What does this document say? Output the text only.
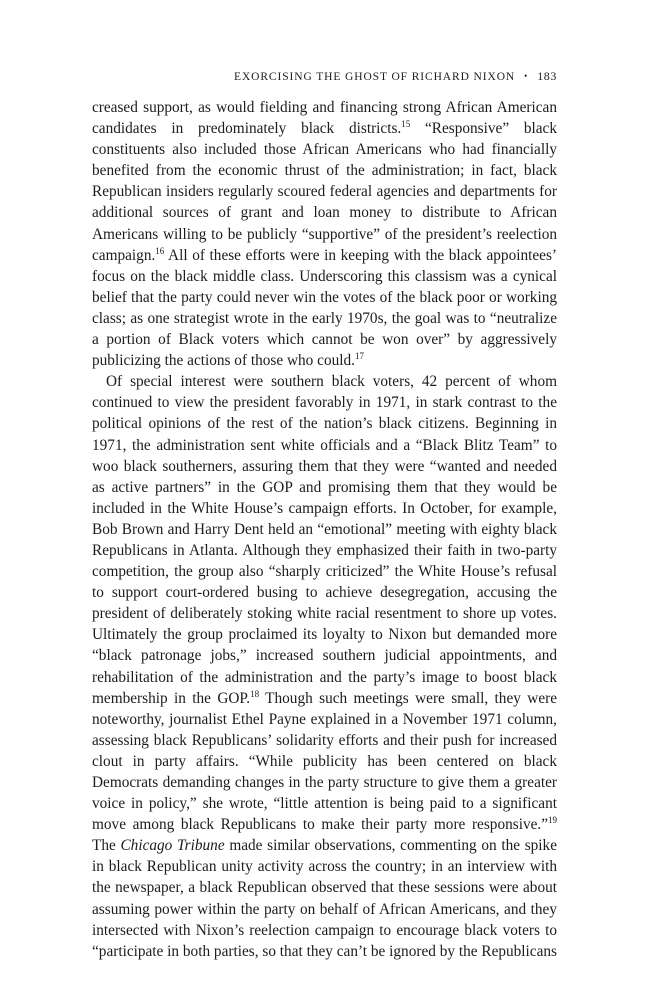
EXORCISING THE GHOST OF RICHARD NIXON • 183

creased support, as would fielding and financing strong African American candidates in predominately black districts.$^{15}$ “Responsive” black constituents also included those African Americans who had financially benefited from the economic thrust of the administration; in fact, black Republican insiders regularly scoured federal agencies and departments for additional sources of grant and loan money to distribute to African Americans willing to be publicly “supportive” of the president’s reelection campaign.$^{16}$ All of these efforts were in keeping with the black appointees’ focus on the black middle class. Underscoring this classism was a cynical belief that the party could never win the votes of the black poor or working class; as one strategist wrote in the early 1970s, the goal was to “neutralize a portion of Black voters which cannot be won over” by aggressively publicizing the actions of those who could.$^{17}$

Of special interest were southern black voters, 42 percent of whom continued to view the president favorably in 1971, in stark contrast to the political opinions of the rest of the nation’s black citizens. Beginning in 1971, the administration sent white officials and a “Black Blitz Team” to woo black southerners, assuring them that they were “wanted and needed as active partners” in the GOP and promising them that they would be included in the White House’s campaign efforts. In October, for example, Bob Brown and Harry Dent held an “emotional” meeting with eighty black Republicans in Atlanta. Although they emphasized their faith in two-party competition, the group also “sharply criticized” the White House’s refusal to support court-ordered busing to achieve desegregation, accusing the president of deliberately stoking white racial resentment to shore up votes. Ultimately the group proclaimed its loyalty to Nixon but demanded more “black patronage jobs,” increased southern judicial appointments, and rehabilitation of the administration and the party’s image to boost black membership in the GOP.$^{18}$ Though such meetings were small, they were noteworthy, journalist Ethel Payne explained in a November 1971 column, assessing black Republicans’ solidarity efforts and their push for increased clout in party affairs. “While publicity has been centered on black Democrats demanding changes in the party structure to give them a greater voice in policy,” she wrote, “little attention is being paid to a significant move among black Republicans to make their party more responsive.”$^{19}$ The Chicago Tribune made similar observations, commenting on the spike in black Republican unity activity across the country; in an interview with the newspaper, a black Republican observed that these sessions were about assuming power within the party on behalf of African Americans, and they intersected with Nixon’s reelection campaign to encourage black voters to “participate in both parties, so that they can’t be ignored by the Republicans
